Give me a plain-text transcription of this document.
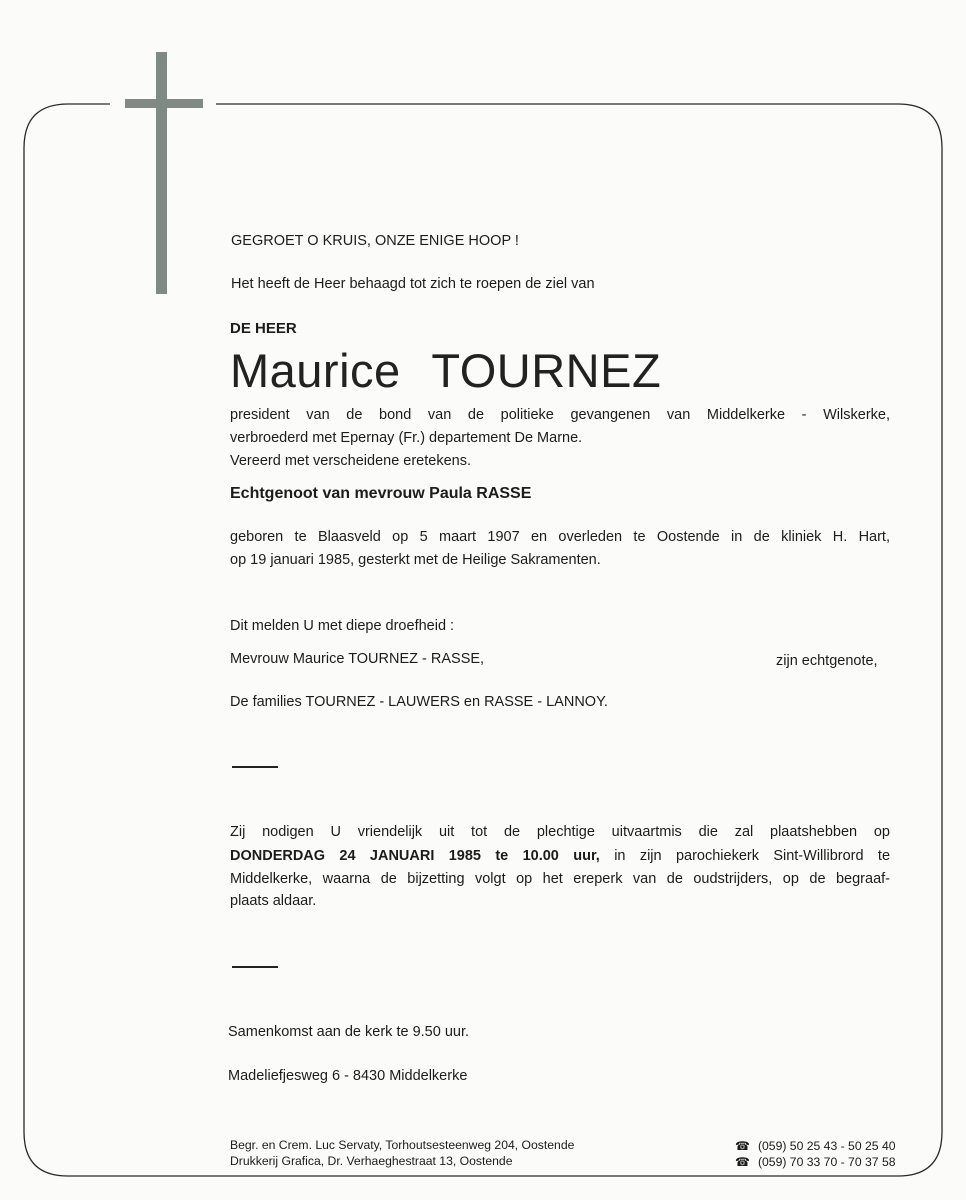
GEGROET O KRUIS, ONZE ENIGE HOOP !
Het heeft de Heer behaagd tot zich te roepen de ziel van
DE HEER
Maurice TOURNEZ
president van de bond van de politieke gevangenen van Middelkerke - Wilskerke,
verbroederd met Epernay (Fr.) departement De Marne.
Vereerd met verscheidene eretekens.
Echtgenoot van mevrouw Paula RASSE
geboren te Blaasveld op 5 maart 1907 en overleden te Oostende in de kliniek H. Hart,
op 19 januari 1985, gesterkt met de Heilige Sakramenten.
Dit melden U met diepe droefheid :
Mevrouw Maurice TOURNEZ - RASSE,	zijn echtgenote,
De families TOURNEZ - LAUWERS en RASSE - LANNOY.
Zij nodigen U vriendelijk uit tot de plechtige uitvaartmis die zal plaatshebben op
DONDERDAG 24 JANUARI 1985 te 10.00 uur, in zijn parochiekerk Sint-Willibrord te
Middelkerke, waarna de bijzetting volgt op het ereperk van de oudstrijders, op de begraaf-
plaats aldaar.
Samenkomst aan de kerk te 9.50 uur.
Madeliefjesweg 6 - 8430 Middelkerke
Begr. en Crem. Luc Servaty, Torhoutsesteenweg 204, Oostende
Drukkerij Grafica, Dr. Verhaeghestraat 13, Oostende
☎ (059) 50 25 43 - 50 25 40
☎ (059) 70 33 70 - 70 37 58
